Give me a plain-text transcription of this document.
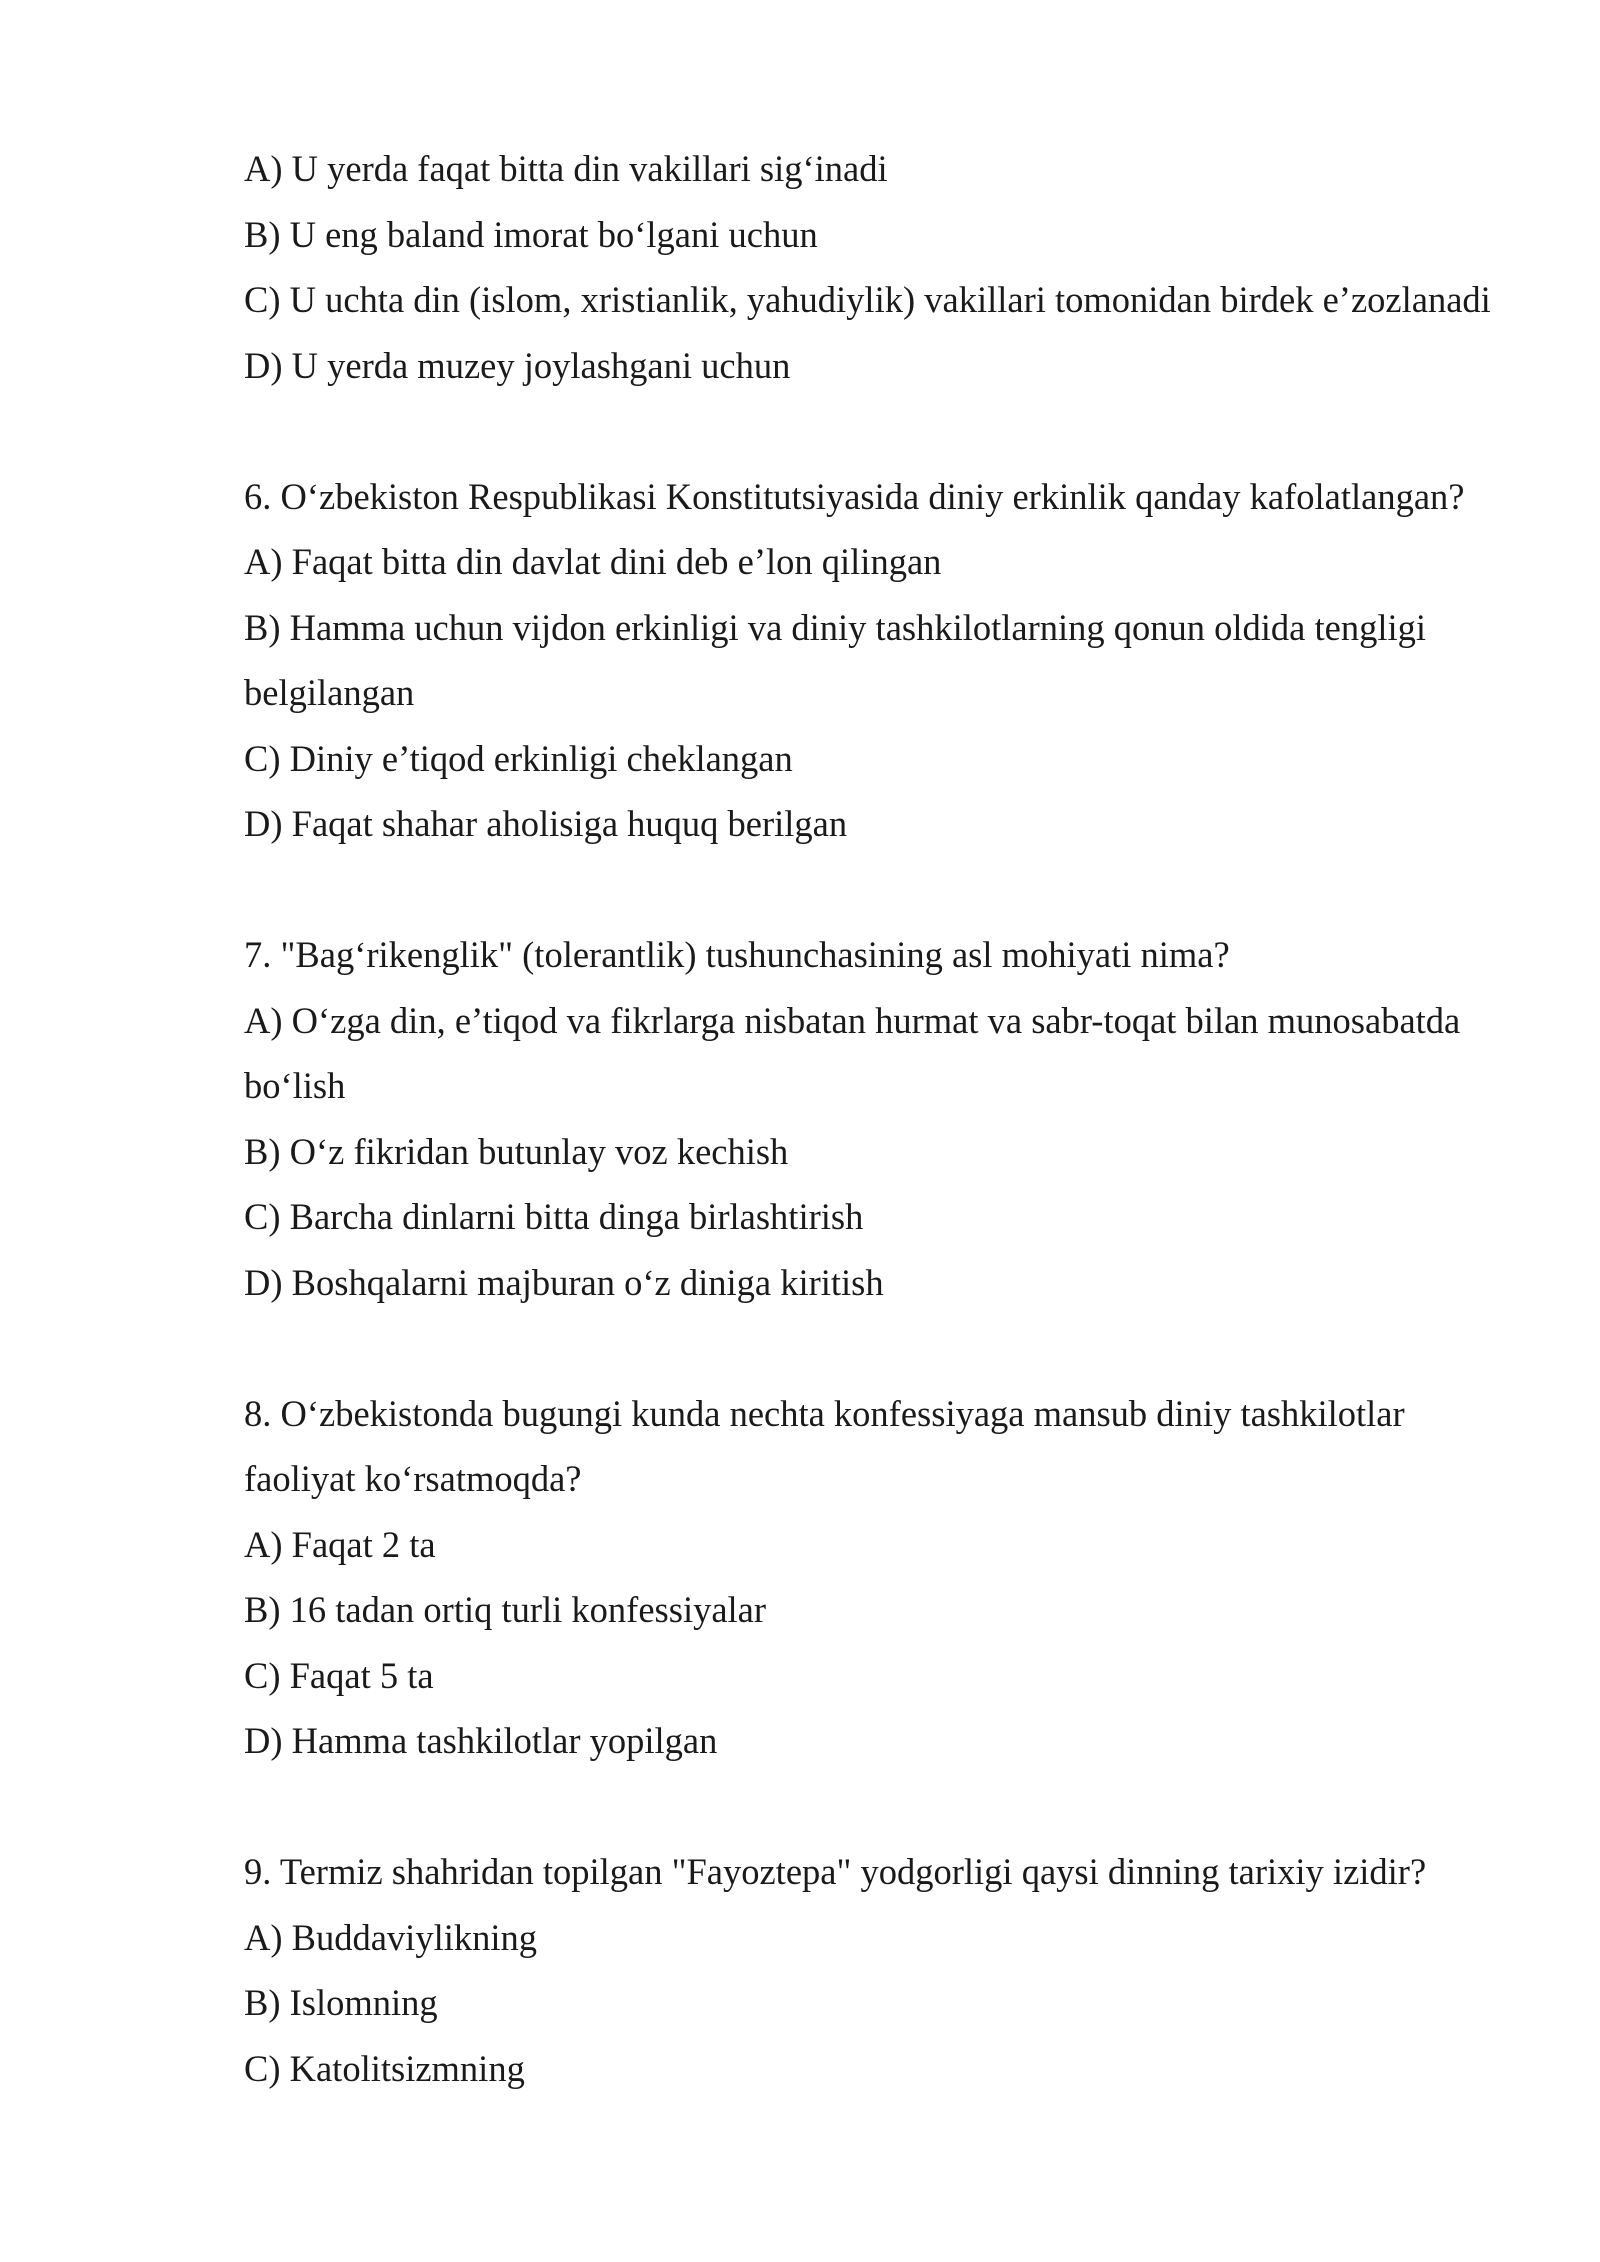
A) U yerda faqat bitta din vakillari sig‘inadi
B) U eng baland imorat bo‘lgani uchun
C) U uchta din (islom, xristianlik, yahudiylik) vakillari tomonidan birdek e’zozlanadi
D) U yerda muzey joylashgani uchun
6. O‘zbekiston Respublikasi Konstitutsiyasida diniy erkinlik qanday kafolatlangan?
A) Faqat bitta din davlat dini deb e’lon qilingan
B) Hamma uchun vijdon erkinligi va diniy tashkilotlarning qonun oldida tengligi
belgilangan
C) Diniy e’tiqod erkinligi cheklangan
D) Faqat shahar aholisiga huquq berilgan
7. "Bag‘rikenglik" (tolerantlik) tushunchasining asl mohiyati nima?
A) O‘zga din, e’tiqod va fikrlarga nisbatan hurmat va sabr-toqat bilan munosabatda
bo‘lish
B) O‘z fikridan butunlay voz kechish
C) Barcha dinlarni bitta dinga birlashtirish
D) Boshqalarni majburan o‘z diniga kiritish
8. O‘zbekistonda bugungi kunda nechta konfessiyaga mansub diniy tashkilotlar
faoliyat ko‘rsatmoqda?
A) Faqat 2 ta
B) 16 tadan ortiq turli konfessiyalar
C) Faqat 5 ta
D) Hamma tashkilotlar yopilgan
9. Termiz shahridan topilgan "Fayoztepa" yodgorligi qaysi dinning tarixiy izidir?
A) Buddaviylikning
B) Islomning
C) Katolitsizmning
